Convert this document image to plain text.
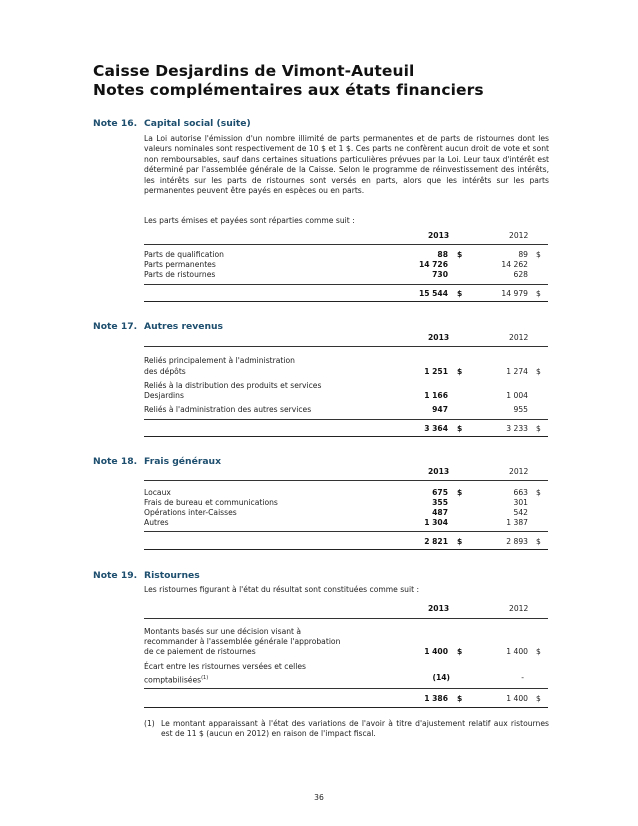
Caisse Desjardins de Vimont-Auteuil
Notes complémentaires aux états financiers
Note 16. Capital social (suite)
La Loi autorise l'émission d'un nombre illimité de parts permanentes et de parts de ristournes dont les valeurs nominales sont respectivement de 10 $ et 1 $. Ces parts ne confèrent aucun droit de vote et sont non remboursables, sauf dans certaines situations particulières prévues par la Loi. Leur taux d'intérêt est déterminé par l'assemblée générale de la Caisse. Selon le programme de réinvestissement des intérêts, les intérêts sur les parts de ristournes sont versés en parts, alors que les intérêts sur les parts permanentes peuvent être payés en espèces ou en parts.
Les parts émises et payées sont réparties comme suit :
2013	2012
Parts de qualification	88 $	89 $
Parts permanentes	14 726	14 262
Parts de ristournes	730	628
15 544 $	14 979 $
Note 17. Autres revenus
2013	2012
Reliés principalement à l'administration
des dépôts	1 251 $	1 274 $
Reliés à la distribution des produits et services
Desjardins	1 166	1 004
Reliés à l'administration des autres services	947	955
3 364 $	3 233 $
Note 18. Frais généraux
2013	2012
Locaux	675 $	663 $
Frais de bureau et communications	355	301
Opérations inter-Caisses	487	542
Autres	1 304	1 387
2 821 $	2 893 $
Note 19. Ristournes
Les ristournes figurant à l'état du résultat sont constituées comme suit :
2013	2012
Montants basés sur une décision visant à
recommander à l'assemblée générale l'approbation
de ce paiement de ristournes	1 400 $	1 400 $
Écart entre les ristournes versées et celles
comptabilisées$^{(1)}$	(14)	-
1 386 $	1 400 $
(1) Le montant apparaissant à l'état des variations de l'avoir à titre d'ajustement relatif aux ristournes est de 11 $ (aucun en 2012) en raison de l'impact fiscal.
36
